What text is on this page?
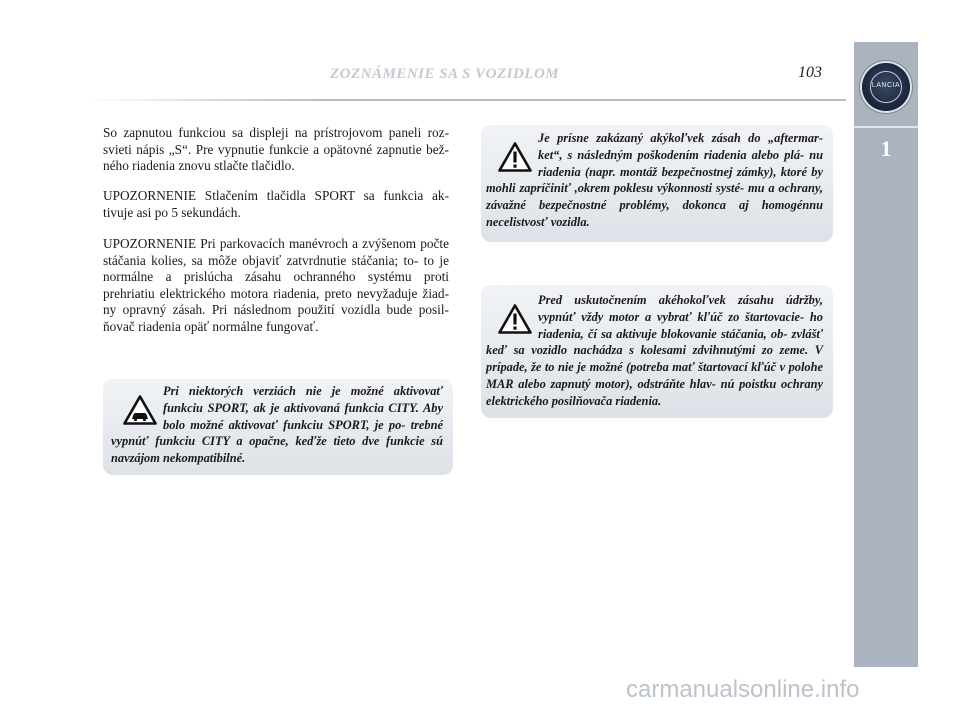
ZOZNÁMENIE SA S VOZIDLOM	103
LANCIA
1

So zapnutou funkciou sa displeji na prístrojovom paneli roz- svieti nápis „S“. Pre vypnutie funkcie a opätovné zapnutie bež- ného riadenia znovu stlačte tlačidlo.

UPOZORNENIE Stlačením tlačidla SPORT sa funkcia ak- tivuje asi po 5 sekundách.

UPOZORNENIE Pri parkovacích manévroch a zvýšenom počte stáčania kolies, sa môže objaviť zatvrdnutie stáčania; to- to je normálne a prislúcha zásahu ochranného systému proti prehriatiu elektrického motora riadenia, preto nevyžaduje žiad- ny opravný zásah. Pri následnom použití vozidla bude posil- ňovač riadenia opäť normálne fungovať.

Je prísne zakázaný akýkoľvek zásah do „aftermar- ket“, s následným poškodením riadenia alebo plá- nu riadenia (napr. montáž bezpečnostnej zámky), ktoré by mohli zapríčiniť ,okrem poklesu výkonnosti systé- mu a ochrany, závažné bezpečnostné problémy, dokonca aj homogénnu necelistvosť vozidla.

Pred uskutočnením akéhokoľvek zásahu údržby, vypnúť vždy motor a vybrať kľúč zo štartovacie- ho riadenia, čí sa aktivuje blokovanie stáčania, ob- zvlášť keď sa vozidlo nachádza s kolesami zdvihnutými zo zeme. V prípade, že to nie je možné (potreba mať štartovací kľúč v polohe MAR alebo zapnutý motor), odstráňte hlav- nú poistku ochrany elektrického posilňovača riadenia.

Pri niektorých verziách nie je možné aktivovať funkciu SPORT, ak je aktivovaná funkcia CITY. Aby bolo možné aktivovať funkciu SPORT, je po- trebné vypnúť funkciu CITY a opačne, keďže tieto dve funkcie sú navzájom nekompatibilné.

carmanualsonline.info
